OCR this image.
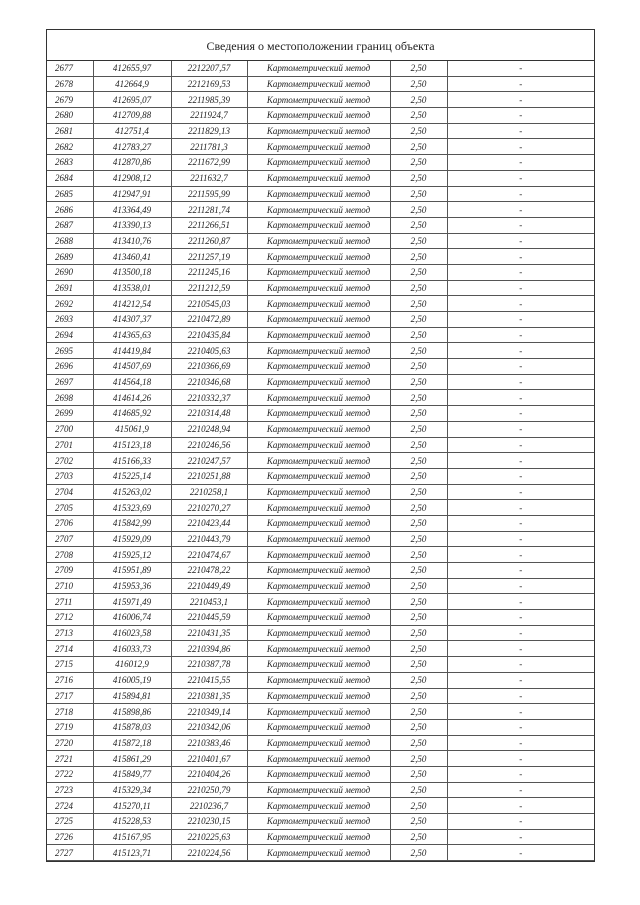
Сведения о местоположении границ объекта
2677	412655,97	2212207,57	Картометрический метод	2,50	-
2678	412664,9	2212169,53	Картометрический метод	2,50	-
2679	412695,07	2211985,39	Картометрический метод	2,50	-
2680	412709,88	2211924,7	Картометрический метод	2,50	-
2681	412751,4	2211829,13	Картометрический метод	2,50	-
2682	412783,27	2211781,3	Картометрический метод	2,50	-
2683	412870,86	2211672,99	Картометрический метод	2,50	-
2684	412908,12	2211632,7	Картометрический метод	2,50	-
2685	412947,91	2211595,99	Картометрический метод	2,50	-
2686	413364,49	2211281,74	Картометрический метод	2,50	-
2687	413390,13	2211266,51	Картометрический метод	2,50	-
2688	413410,76	2211260,87	Картометрический метод	2,50	-
2689	413460,41	2211257,19	Картометрический метод	2,50	-
2690	413500,18	2211245,16	Картометрический метод	2,50	-
2691	413538,01	2211212,59	Картометрический метод	2,50	-
2692	414212,54	2210545,03	Картометрический метод	2,50	-
2693	414307,37	2210472,89	Картометрический метод	2,50	-
2694	414365,63	2210435,84	Картометрический метод	2,50	-
2695	414419,84	2210405,63	Картометрический метод	2,50	-
2696	414507,69	2210366,69	Картометрический метод	2,50	-
2697	414564,18	2210346,68	Картометрический метод	2,50	-
2698	414614,26	2210332,37	Картометрический метод	2,50	-
2699	414685,92	2210314,48	Картометрический метод	2,50	-
2700	415061,9	2210248,94	Картометрический метод	2,50	-
2701	415123,18	2210246,56	Картометрический метод	2,50	-
2702	415166,33	2210247,57	Картометрический метод	2,50	-
2703	415225,14	2210251,88	Картометрический метод	2,50	-
2704	415263,02	2210258,1	Картометрический метод	2,50	-
2705	415323,69	2210270,27	Картометрический метод	2,50	-
2706	415842,99	2210423,44	Картометрический метод	2,50	-
2707	415929,09	2210443,79	Картометрический метод	2,50	-
2708	415925,12	2210474,67	Картометрический метод	2,50	-
2709	415951,89	2210478,22	Картометрический метод	2,50	-
2710	415953,36	2210449,49	Картометрический метод	2,50	-
2711	415971,49	2210453,1	Картометрический метод	2,50	-
2712	416006,74	2210445,59	Картометрический метод	2,50	-
2713	416023,58	2210431,35	Картометрический метод	2,50	-
2714	416033,73	2210394,86	Картометрический метод	2,50	-
2715	416012,9	2210387,78	Картометрический метод	2,50	-
2716	416005,19	2210415,55	Картометрический метод	2,50	-
2717	415894,81	2210381,35	Картометрический метод	2,50	-
2718	415898,86	2210349,14	Картометрический метод	2,50	-
2719	415878,03	2210342,06	Картометрический метод	2,50	-
2720	415872,18	2210383,46	Картометрический метод	2,50	-
2721	415861,29	2210401,67	Картометрический метод	2,50	-
2722	415849,77	2210404,26	Картометрический метод	2,50	-
2723	415329,34	2210250,79	Картометрический метод	2,50	-
2724	415270,11	2210236,7	Картометрический метод	2,50	-
2725	415228,53	2210230,15	Картометрический метод	2,50	-
2726	415167,95	2210225,63	Картометрический метод	2,50	-
2727	415123,71	2210224,56	Картометрический метод	2,50	-
